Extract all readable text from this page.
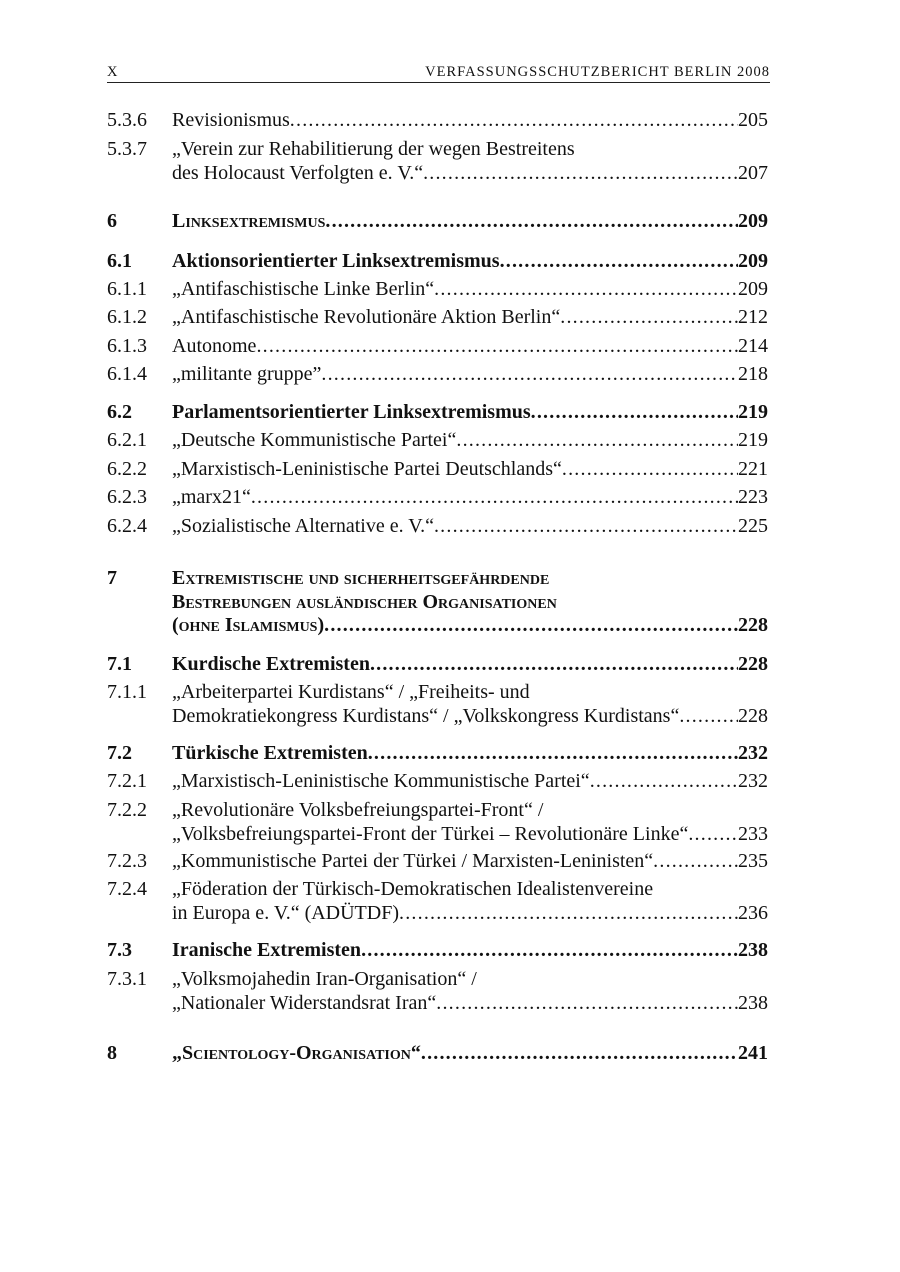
X	VERFASSUNGSSCHUTZBERICHT BERLIN 2008
5.3.6 Revisionismus . . .	205
5.3.7 „Verein zur Rehabilitierung der wegen Bestreitens
des Holocaust Verfolgten e. V.“ . . .	207
6	Linksextremismus . . .	209
6.1 Aktionsorientierter Linksextremismus . . .	209
6.1.1 „Antifaschistische Linke Berlin“ . . .	209
6.1.2 „Antifaschistische Revolutionäre Aktion Berlin“ . . .	212
6.1.3 Autonome . . .	214
6.1.4 „militante gruppe” . . .	218
6.2 Parlamentsorientierter Linksextremismus . . .	219
6.2.1 „Deutsche Kommunistische Partei“ . . .	219
6.2.2 „Marxistisch-Leninistische Partei Deutschlands“ . . .	221
6.2.3 „marx21“ . . .	223
6.2.4 „Sozialistische Alternative e. V.“ . . .	225
7	Extremistische und sicherheitsgefährdende
Bestrebungen ausländischer Organisationen
(ohne Islamismus) . . .	228
7.1 Kurdische Extremisten . . .	228
7.1.1 „Arbeiterpartei Kurdistans“ / „Freiheits- und
Demokratiekongress Kurdistans“ / „Volkskongress Kurdistans“ . . .	228
7.2 Türkische Extremisten . . .	232
7.2.1 „Marxistisch-Leninistische Kommunistische Partei“ . . .	232
7.2.2 „Revolutionäre Volksbefreiungspartei-Front“ /
„Volksbefreiungspartei-Front der Türkei – Revolutionäre Linke“ . . . 233
7.2.3 „Kommunistische Partei der Türkei / Marxisten-Leninisten“ . . .	235
7.2.4 „Föderation der Türkisch-Demokratischen Idealistenvereine
in Europa e. V.“ (ADÜTDF) . . .	236
7.3 Iranische Extremisten . . .	238
7.3.1 „Volksmojahedin Iran-Organisation“ /
„Nationaler Widerstandsrat Iran“ . . .	238
8	„Scientology-Organisation“ . . .	241
